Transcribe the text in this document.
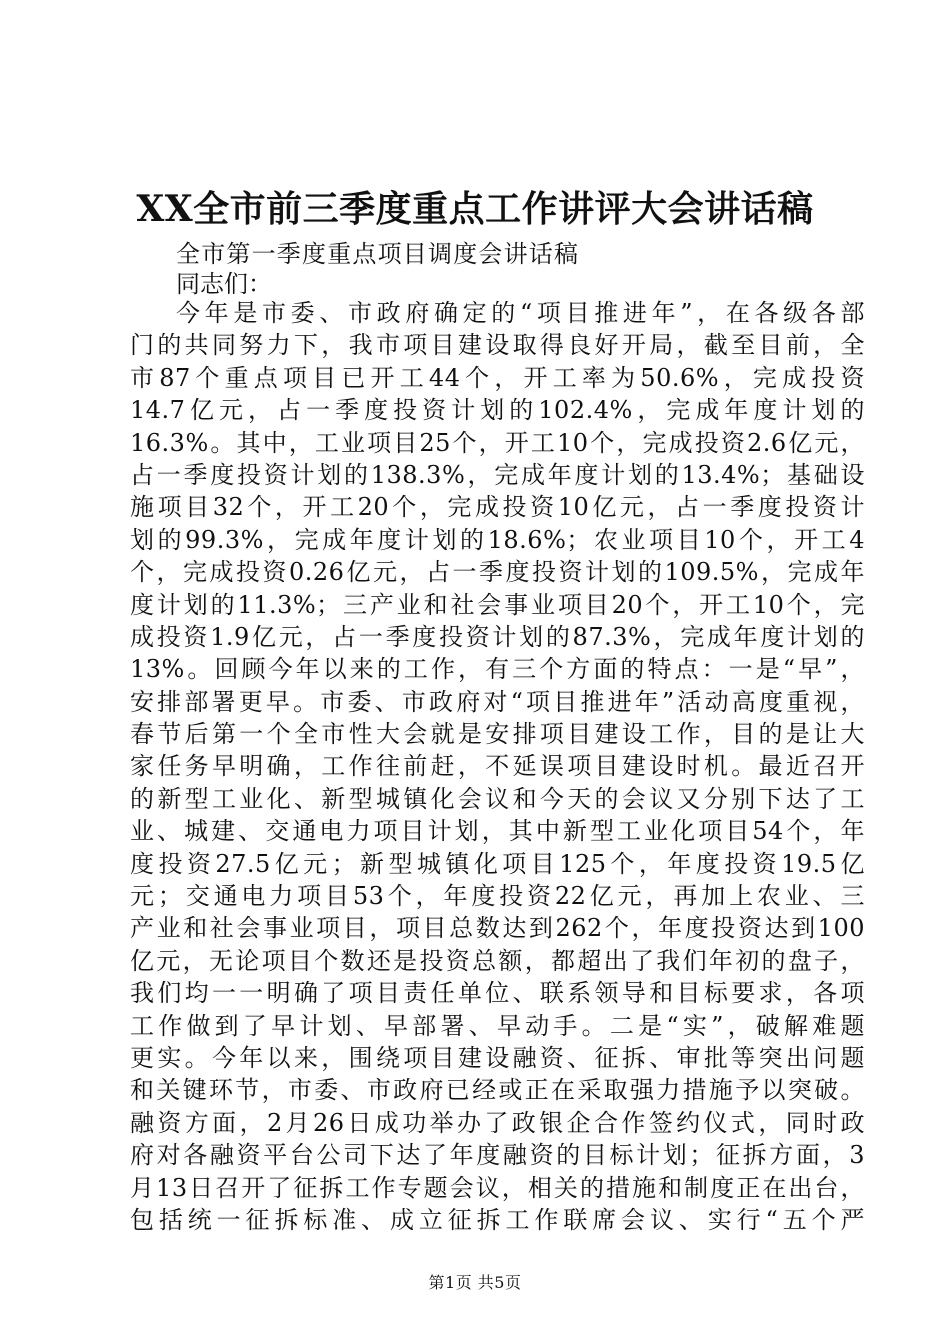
XX全市前三季度重点工作讲评大会讲话稿
全市第一季度重点项目调度会讲话稿
同志们：
今年是市委、市政府确定的“项目推进年”，在各级各部
门的共同努力下，我市项目建设取得良好开局，截至目前，全
市87个重点项目已开工44个，开工率为50.6%，完成投资
14.7亿元，占一季度投资计划的102.4%，完成年度计划的
16.3%。其中，工业项目25个，开工10个，完成投资2.6亿元，
占一季度投资计划的138.3%，完成年度计划的13.4%；基础设
施项目32个，开工20个，完成投资10亿元，占一季度投资计
划的99.3%，完成年度计划的18.6%；农业项目10个，开工4
个，完成投资0.26亿元，占一季度投资计划的109.5%，完成年
度计划的11.3%；三产业和社会事业项目20个，开工10个，完
成投资1.9亿元，占一季度投资计划的87.3%，完成年度计划的
13%。回顾今年以来的工作，有三个方面的特点：一是“早”，
安排部署更早。市委、市政府对“项目推进年”活动高度重视，
春节后第一个全市性大会就是安排项目建设工作，目的是让大
家任务早明确，工作往前赶，不延误项目建设时机。最近召开
的新型工业化、新型城镇化会议和今天的会议又分别下达了工
业、城建、交通电力项目计划，其中新型工业化项目54个，年
度投资27.5亿元；新型城镇化项目125个，年度投资19.5亿
元；交通电力项目53个，年度投资22亿元，再加上农业、三
产业和社会事业项目，项目总数达到262个，年度投资达到100
亿元，无论项目个数还是投资总额，都超出了我们年初的盘子，
我们均一一明确了项目责任单位、联系领导和目标要求，各项
工作做到了早计划、早部署、早动手。二是“实”，破解难题
更实。今年以来，围绕项目建设融资、征拆、审批等突出问题
和关键环节，市委、市政府已经或正在采取强力措施予以突破。
融资方面，2月26日成功举办了政银企合作签约仪式，同时政
府对各融资平台公司下达了年度融资的目标计划；征拆方面，3
月13日召开了征拆工作专题会议，相关的措施和制度正在出台，
包括统一征拆标准、成立征拆工作联席会议、实行“五个严
第1页 共5页
